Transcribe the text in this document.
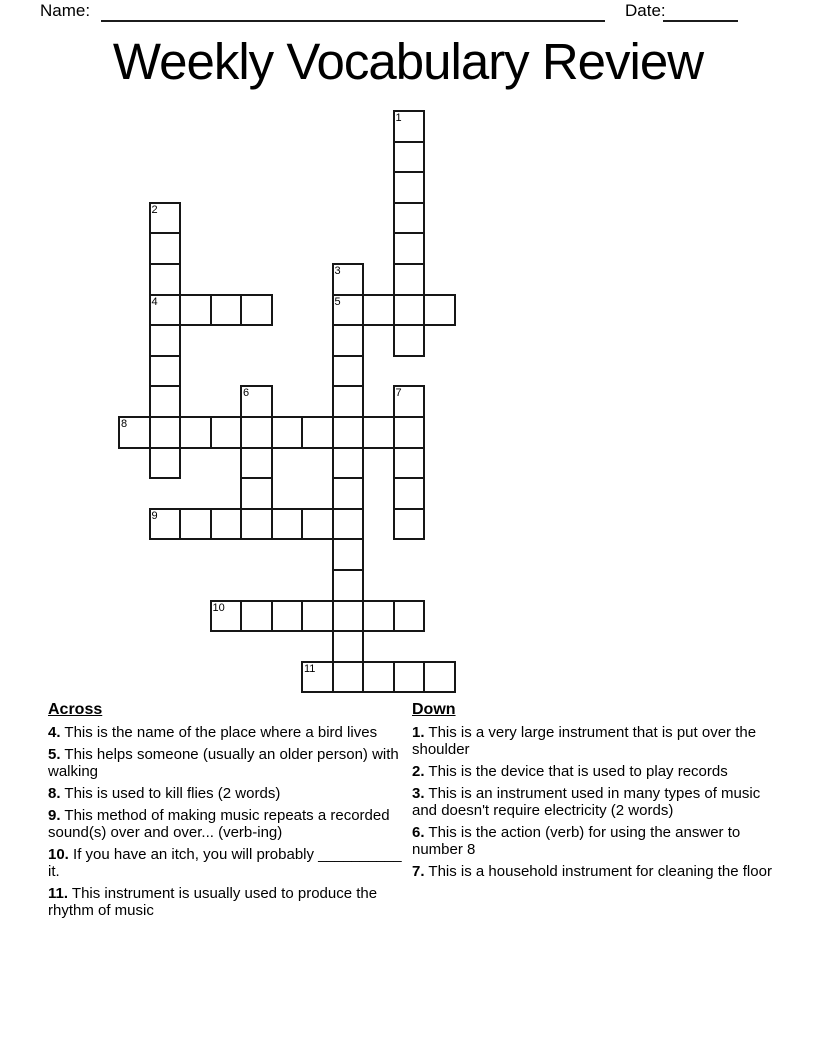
Name:	Date:
Weekly Vocabulary Review
1
2
4
3
5
6	7
8
9
10
11
Across

4. This is the name of the place where a bird lives

5. This helps someone (usually an older person) with walking

8. This is used to kill flies (2 words)

9. This method of making music repeats a recorded sound(s) over and over... (verb-ing)

10. If you have an itch, you will probably __________ it.

11. This instrument is usually used to produce the rhythm of music

Down

1. This is a very large instrument that is put over the shoulder

2. This is the device that is used to play records

3. This is an instrument used in many types of music and doesn't require electricity (2 words)

6. This is the action (verb) for using the answer to number 8

7. This is a household instrument for cleaning the floor
